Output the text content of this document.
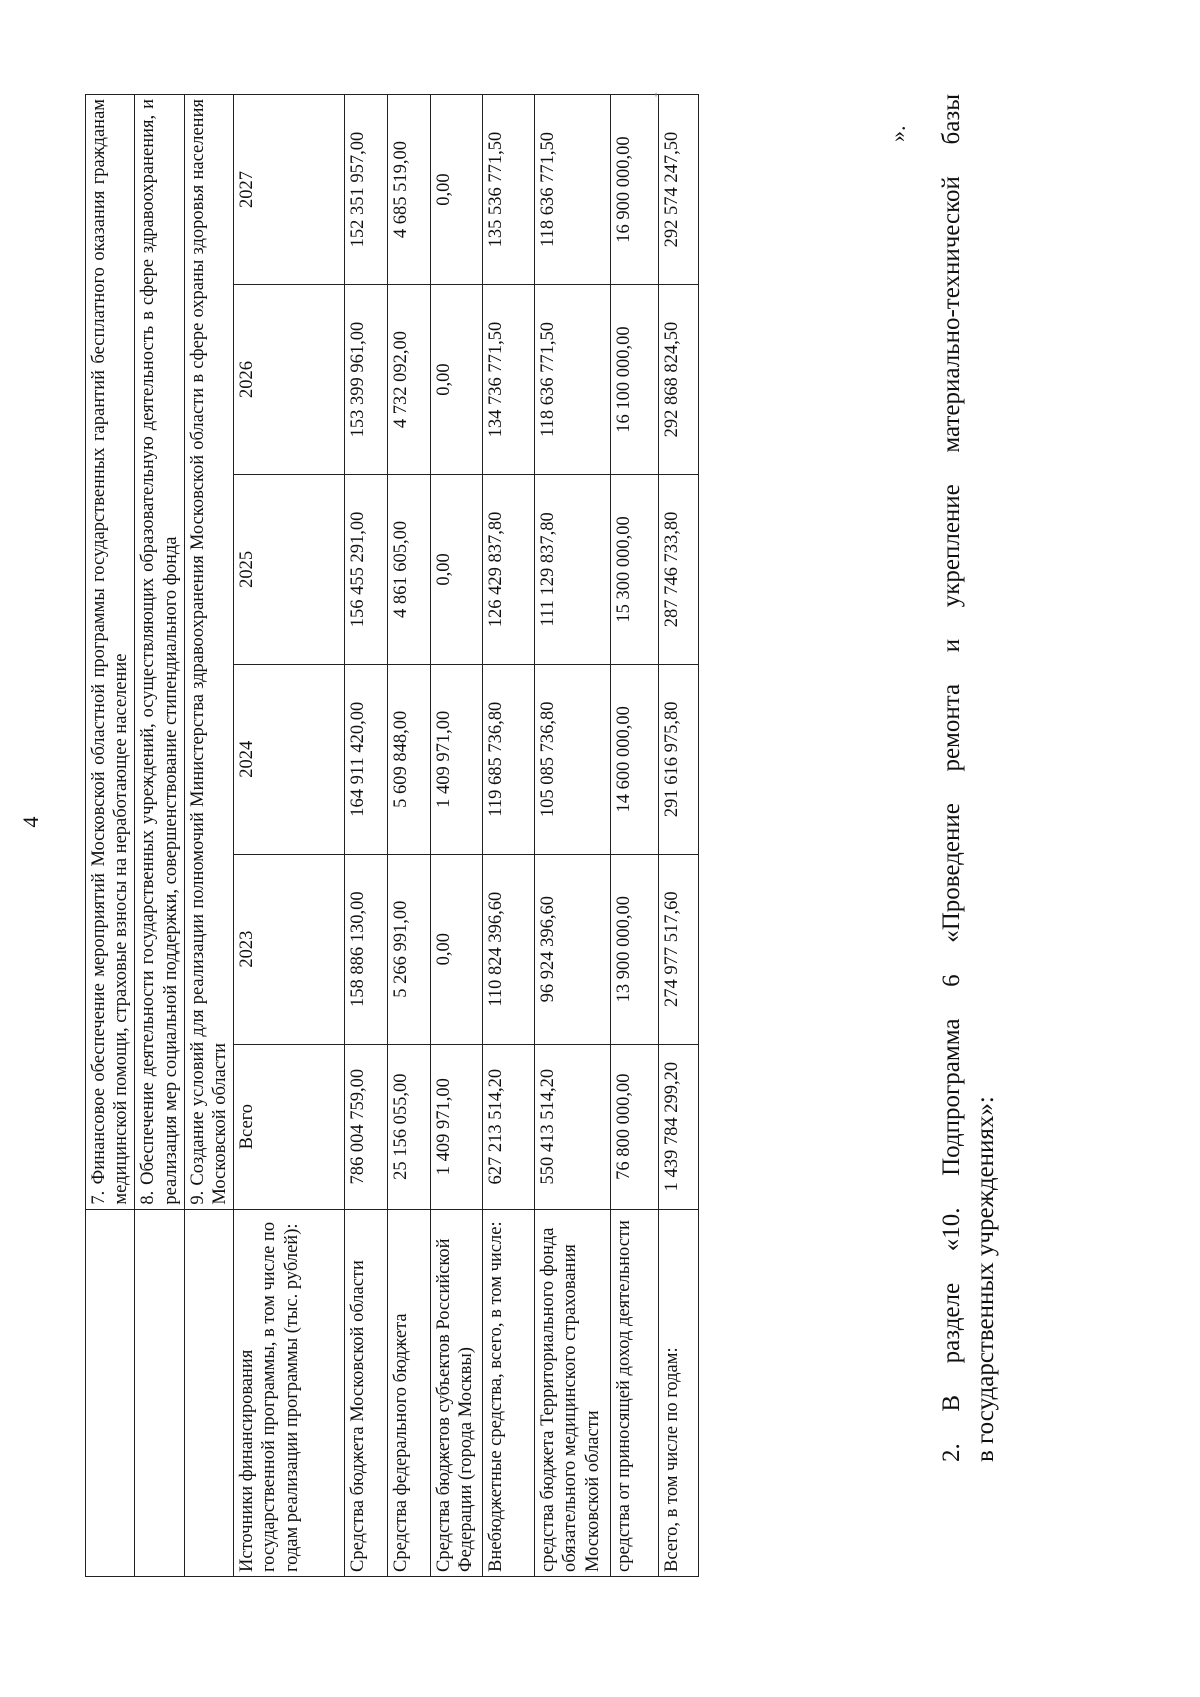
4
	7. Финансовое обеспечение мероприятий Московской областной программы государственных гарантий бесплатного оказания гражданам медицинской помощи, страховые взносы на неработающее население					
	8. Обеспечение деятельности государственных учреждений, осуществляющих образовательную деятельность в сфере здравоохранения, и реализация мер социальной поддержки, совершенствование стипендиального фонда					
	9. Создание условий для реализации полномочий Министерства здравоохранения Московской области в сфере охраны здоровья населения Московской области					
Источники финансирования государственной программы, в том числе по годам реализации программы (тыс. рублей):	Всего	2023	2024	2025	2026	2027
Средства бюджета Московской области	786 004 759,00	158 886 130,00	164 911 420,00	156 455 291,00	153 399 961,00	152 351 957,00
Средства федерального бюджета	25 156 055,00	5 266 991,00	5 609 848,00	4 861 605,00	4 732 092,00	4 685 519,00
Средства бюджетов субъектов Российской Федерации (города Москвы)	1 409 971,00	0,00	1 409 971,00	0,00	0,00	0,00
Внебюджетные средства, всего, в том числе:	627 213 514,20	110 824 396,60	119 685 736,80	126 429 837,80	134 736 771,50	135 536 771,50
средства бюджета Территориального фонда обязательного медицинского страхования Московской области	550 413 514,20	96 924 396,60	105 085 736,80	111 129 837,80	118 636 771,50	118 636 771,50
средства от приносящей доход деятельности	76 800 000,00	13 900 000,00	14 600 000,00	15 300 000,00	16 100 000,00	16 900 000,00
Всего, в том числе по годам:	1 439 784 299,20	274 977 517,60	291 616 975,80	287 746 733,80	292 868 824,50	292 574 247,50	». 2. В разделе «10. Подпрограмма 6 «Проведение ремонта и укрепление материально-технической базы в государственных учреждениях»:
-
